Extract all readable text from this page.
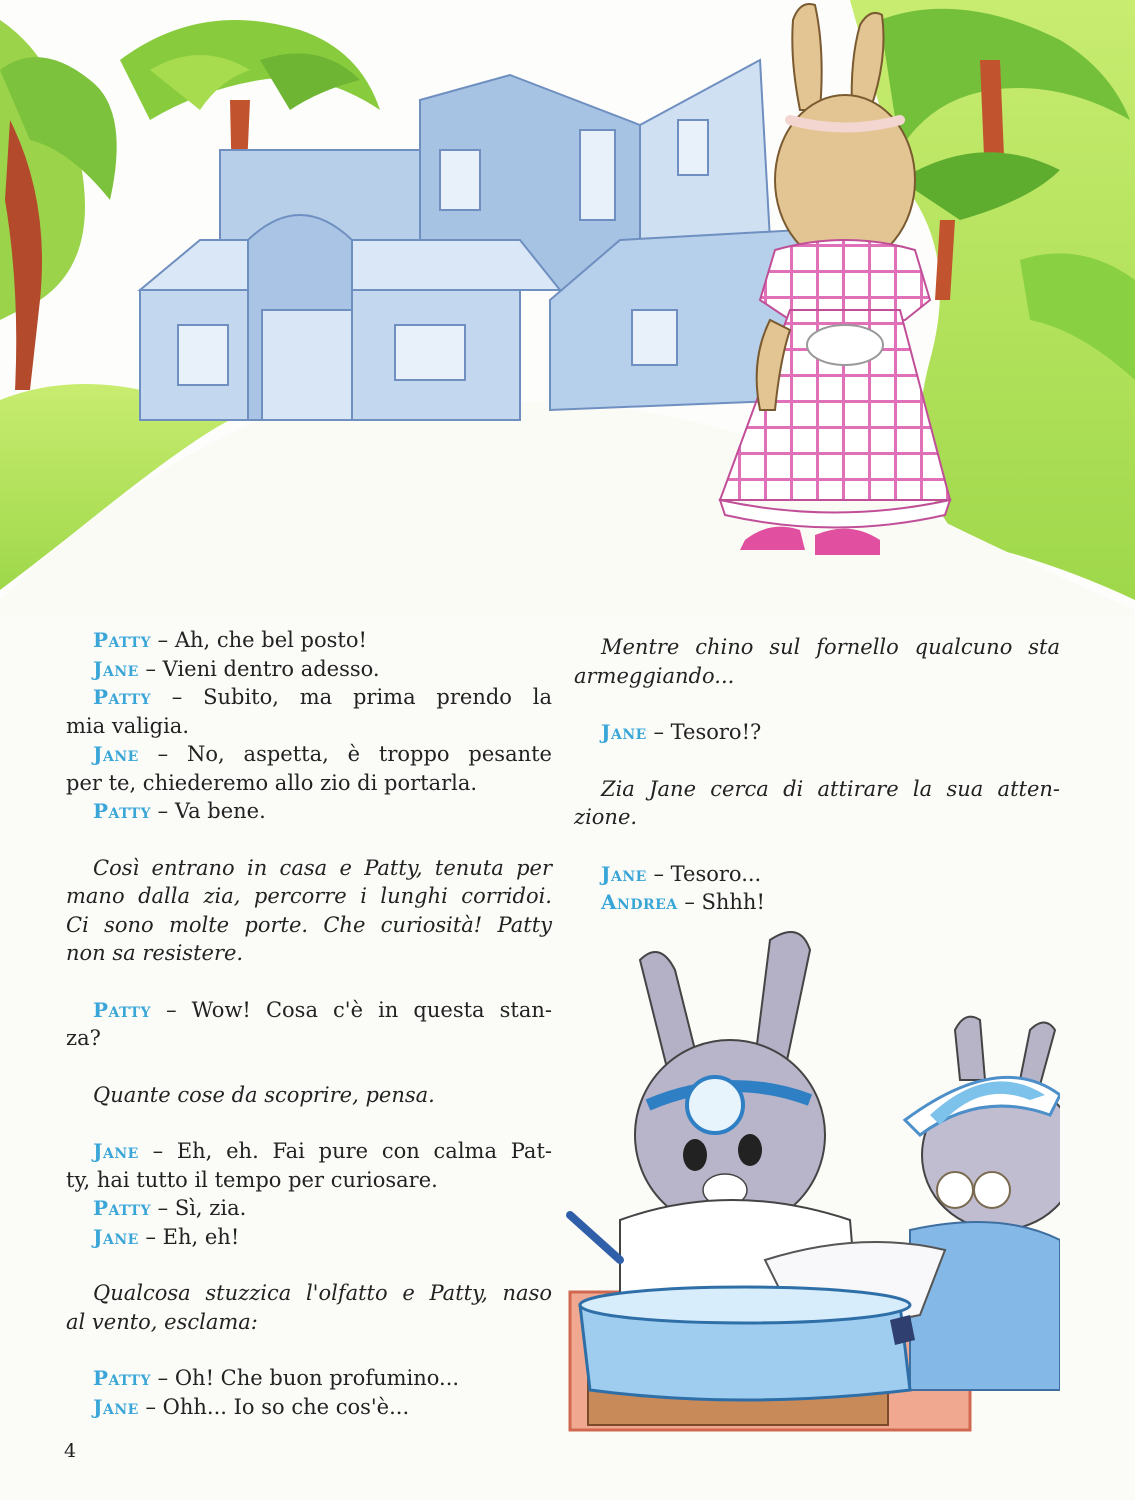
Patty – Ah, che bel posto!
Jane – Vieni dentro adesso.
Patty – Subito, ma prima prendo la
mia valigia.
Jane – No, aspetta, è troppo pesante
per te, chiederemo allo zio di portarla.
Patty – Va bene.
Così entrano in casa e Patty, tenuta per
mano dalla zia, percorre i lunghi corridoi.
Ci sono molte porte. Che curiosità! Patty
non sa resistere.
Patty – Wow! Cosa c'è in questa stan-
za?
Quante cose da scoprire, pensa.
Jane – Eh, eh. Fai pure con calma Pat-
ty, hai tutto il tempo per curiosare.
Patty – Sì, zia.
Jane – Eh, eh!
Qualcosa stuzzica l'olfatto e Patty, naso
al vento, esclama:
Patty – Oh! Che buon profumino...
Jane – Ohh... Io so che cos'è...
Mentre chino sul fornello qualcuno sta
armeggiando...
Jane – Tesoro!?
Zia Jane cerca di attirare la sua atten-
zione.
Jane – Tesoro...
Andrea – Shhh!
4
